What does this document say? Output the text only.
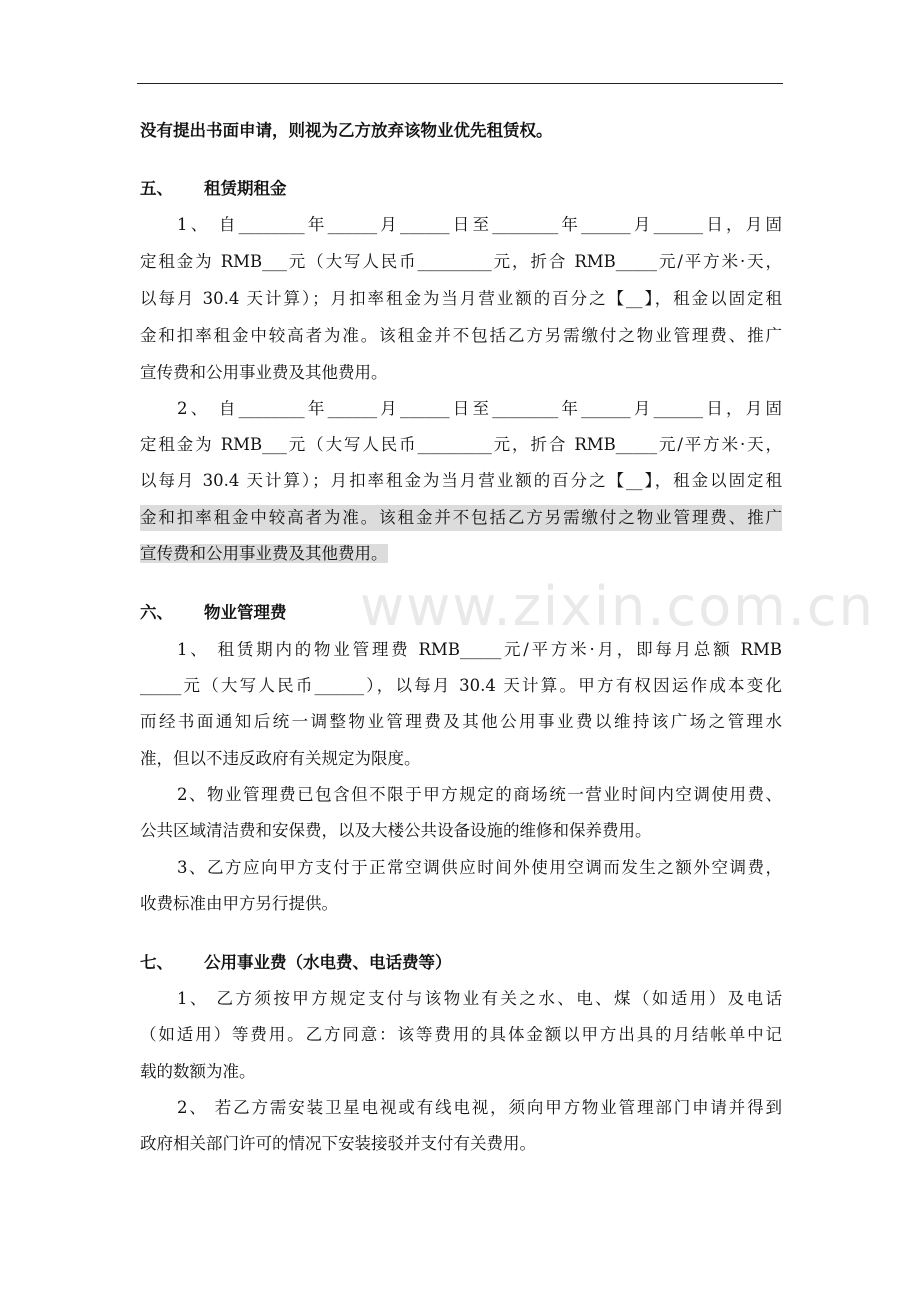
www.zixin.com.cn
没有提出书面申请，则视为乙方放弃该物业优先租赁权。
五、 租赁期租金
1、 自________年______月______日至________年______月______日，月固
定租金为 RMB___元（大写人民币_________元，折合 RMB_____元/平方米·天，
以每月 30.4 天计算）；月扣率租金为当月营业额的百分之【__】，租金以固定租
金和扣率租金中较高者为准。该租金并不包括乙方另需缴付之物业管理费、推广
宣传费和公用事业费及其他费用。
2、 自________年______月______日至________年______月______日，月固
定租金为 RMB___元（大写人民币_________元，折合 RMB_____元/平方米·天，
以每月 30.4 天计算）；月扣率租金为当月营业额的百分之【__】，租金以固定租
金和扣率租金中较高者为准。该租金并不包括乙方另需缴付之物业管理费、推广
宣传费和公用事业费及其他费用。
六、 物业管理费
1、 租赁期内的物业管理费 RMB_____元/平方米·月，即每月总额 RMB
_____元（大写人民币______），以每月 30.4 天计算。甲方有权因运作成本变化
而经书面通知后统一调整物业管理费及其他公用事业费以维持该广场之管理水
准，但以不违反政府有关规定为限度。
2、物业管理费已包含但不限于甲方规定的商场统一营业时间内空调使用费、
公共区域清洁费和安保费，以及大楼公共设备设施的维修和保养费用。
3、乙方应向甲方支付于正常空调供应时间外使用空调而发生之额外空调费，
收费标准由甲方另行提供。
七、 公用事业费（水电费、电话费等）
1、 乙方须按甲方规定支付与该物业有关之水、电、煤（如适用）及电话
（如适用）等费用。乙方同意：该等费用的具体金额以甲方出具的月结帐单中记
载的数额为准。
2、 若乙方需安装卫星电视或有线电视，须向甲方物业管理部门申请并得到
政府相关部门许可的情况下安装接驳并支付有关费用。
